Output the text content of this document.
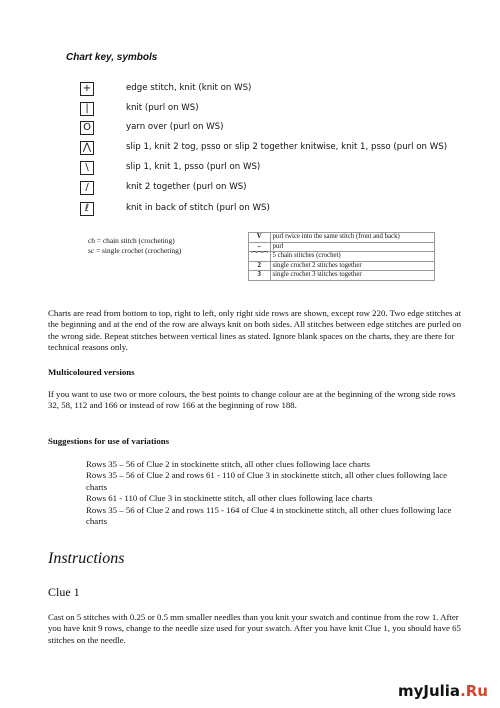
Chart key, symbols
+	edge stitch, knit (knit on WS)
|	knit (purl on WS)
O	yarn over (purl on WS)
⋀	slip 1, knit 2 tog, psso or slip 2 together knitwise, knit 1, psso (purl on WS)
\	slip 1, knit 1, psso (purl on WS)
/	knit 2 together (purl on WS)
ℓ	knit in back of stitch (purl on WS)
ch = chain stitch (crocheting)
sc = single crochet (crocheting)
V	purl twice into the same stitch (front and back)
–	purl
⌒⌒⌒	5 chain stitches (crochet)
2	single crochet 2 stitches together
3	single crochet 3 stitches together
Charts are read from bottom to top, right to left, only right side rows are shown, except row 220. Two edge stitches at the beginning and at the end of the row are always knit on both sides. All stitches between edge stitches are purled on the wrong side. Repeat stitches between vertical lines as stated. Ignore blank spaces on the charts, they are there for technical reasons only.
Multicoloured versions
If you want to use two or more colours, the best points to change colour are at the beginning of the wrong side rows 32, 58, 112 and 166 or instead of row 166 at the beginning of row 188.
Suggestions for use of variations
Rows 35 – 56 of Clue 2 in stockinette stitch, all other clues following lace charts
Rows 35 – 56 of Clue 2 and rows 61 - 110 of Clue 3 in stockinette stitch, all other clues following lace charts
Rows 61 - 110 of Clue 3 in stockinette stitch, all other clues following lace charts
Rows 35 – 56 of Clue 2 and rows 115 - 164 of Clue 4 in stockinette stitch, all other clues following lace charts
Instructions
Clue 1
Cast on 5 stitches with 0.25 or 0.5 mm smaller needles than you knit your swatch and continue from the row 1. After you have knit 9 rows, change to the needle size used for your swatch. After you have knit Clue 1, you should have 65 stitches on the needle.
myJulia.Ru
